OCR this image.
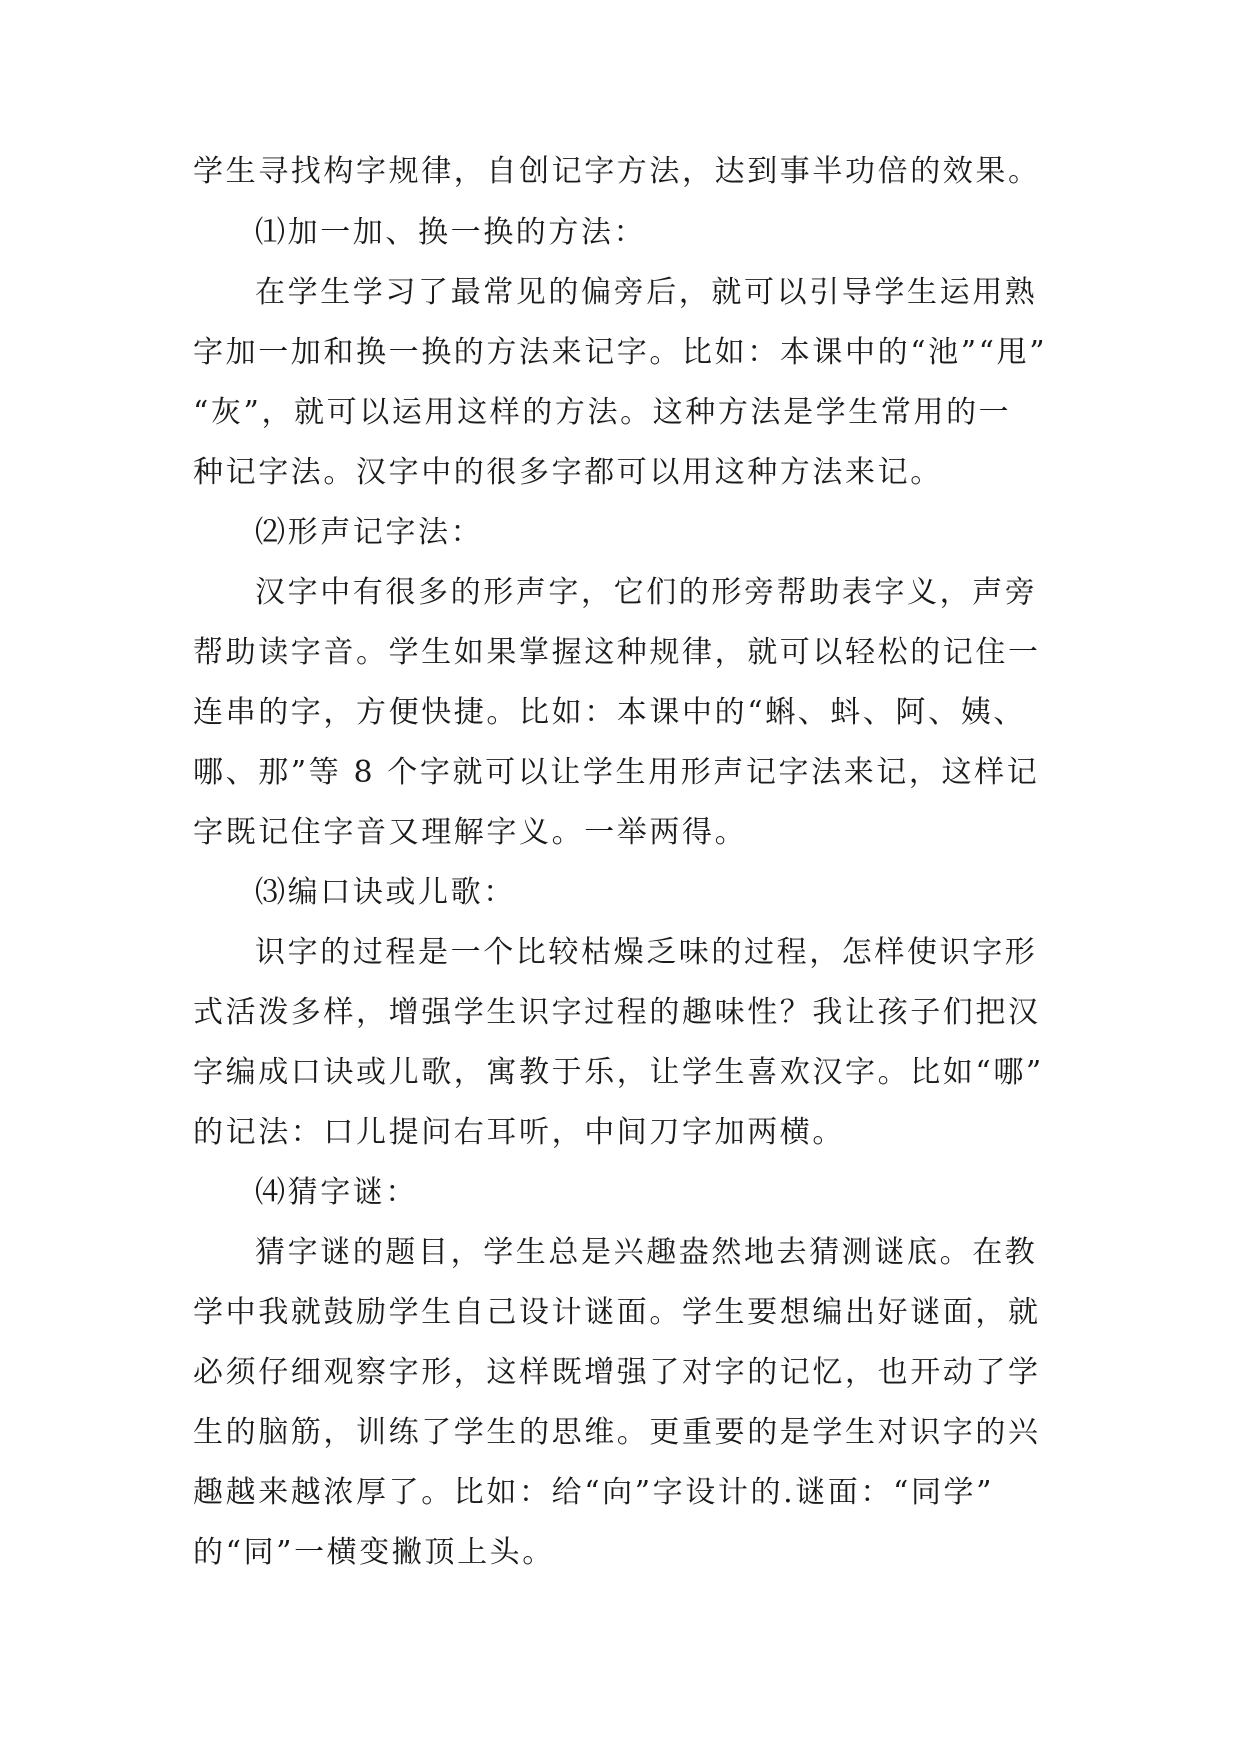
学生寻找构字规律，自创记字方法，达到事半功倍的效果。
⑴加一加、换一换的方法：
在学生学习了最常见的偏旁后，就可以引导学生运用熟
字加一加和换一换的方法来记字。比如：本课中的“池”“甩”
“灰”，就可以运用这样的方法。这种方法是学生常用的一
种记字法。汉字中的很多字都可以用这种方法来记。
⑵形声记字法：
汉字中有很多的形声字，它们的形旁帮助表字义，声旁
帮助读字音。学生如果掌握这种规律，就可以轻松的记住一
连串的字，方便快捷。比如：本课中的“蝌、蚪、阿、姨、
哪、那”等 8 个字就可以让学生用形声记字法来记，这样记
字既记住字音又理解字义。一举两得。
⑶编口诀或儿歌：
识字的过程是一个比较枯燥乏味的过程，怎样使识字形
式活泼多样，增强学生识字过程的趣味性？我让孩子们把汉
字编成口诀或儿歌，寓教于乐，让学生喜欢汉字。比如“哪”
的记法：口儿提问右耳听，中间刀字加两横。
⑷猜字谜：
猜字谜的题目，学生总是兴趣盎然地去猜测谜底。在教
学中我就鼓励学生自己设计谜面。学生要想编出好谜面，就
必须仔细观察字形，这样既增强了对字的记忆，也开动了学
生的脑筋，训练了学生的思维。更重要的是学生对识字的兴
趣越来越浓厚了。比如：给“向”字设计的.谜面：“同学”
的“同”一横变撇顶上头。
